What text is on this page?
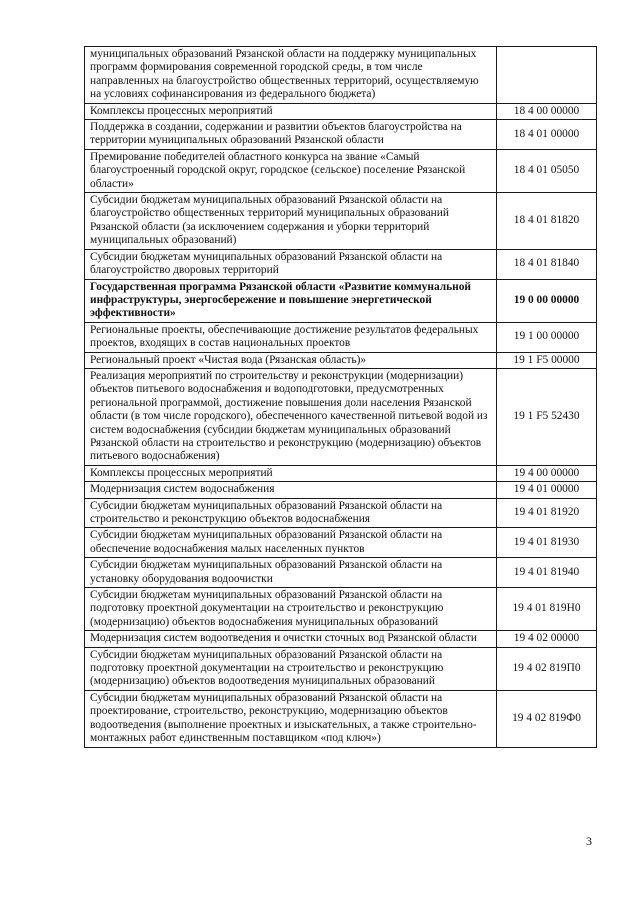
муниципальных образований Рязанской области на поддержку муниципальных программ формирования современной городской среды, в том числе направленных на благоустройство общественных территорий, осуществляемую на условиях софинансирования из федерального бюджета)	
Комплексы процессных мероприятий	18 4 00 00000
Поддержка в создании, содержании и развитии объектов благоустройства на территории муниципальных образований Рязанской области	18 4 01 00000
Премирование победителей областного конкурса на звание «Самый благоустроенный городской округ, городское (сельское) поселение Рязанской области»	18 4 01 05050
Субсидии бюджетам муниципальных образований Рязанской области на благоустройство общественных территорий муниципальных образований Рязанской области (за исключением содержания и уборки территорий муниципальных образований)	18 4 01 81820
Субсидии бюджетам муниципальных образований Рязанской области на благоустройство дворовых территорий	18 4 01 81840
Государственная программа Рязанской области «Развитие коммунальной инфраструктуры, энергосбережение и повышение энергетической эффективности»	19 0 00 00000
Региональные проекты, обеспечивающие достижение результатов федеральных проектов, входящих в состав национальных проектов	19 1 00 00000
Региональный проект «Чистая вода (Рязанская область)»	19 1 F5 00000
Реализация мероприятий по строительству и реконструкции (модернизации) объектов питьевого водоснабжения и водоподготовки, предусмотренных региональной программой, достижение повышения доли населения Рязанской области (в том числе городского), обеспеченного качественной питьевой водой из систем водоснабжения (субсидии бюджетам муниципальных образований Рязанской области на строительство и реконструкцию (модернизацию) объектов питьевого водоснабжения)	19 1 F5 52430
Комплексы процессных мероприятий	19 4 00 00000
Модернизация систем водоснабжения	19 4 01 00000
Субсидии бюджетам муниципальных образований Рязанской области на строительство и реконструкцию объектов водоснабжения	19 4 01 81920
Субсидии бюджетам муниципальных образований Рязанской области на обеспечение водоснабжения малых населенных пунктов	19 4 01 81930
Субсидии бюджетам муниципальных образований Рязанской области на установку оборудования водоочистки	19 4 01 81940
Субсидии бюджетам муниципальных образований Рязанской области на подготовку проектной документации на строительство и реконструкцию (модернизацию) объектов водоснабжения муниципальных образований	19 4 01 819Н0
Модернизация систем водоотведения и очистки сточных вод Рязанской области	19 4 02 00000
Субсидии бюджетам муниципальных образований Рязанской области на подготовку проектной документации на строительство и реконструкцию (модернизацию) объектов водоотведения муниципальных образований	19 4 02 819П0
Субсидии бюджетам муниципальных образований Рязанской области на проектирование, строительство, реконструкцию, модернизацию объектов водоотведения (выполнение проектных и изыскательных, а также строительно-монтажных работ единственным поставщиком «под ключ»)	19 4 02 819Ф0
3
